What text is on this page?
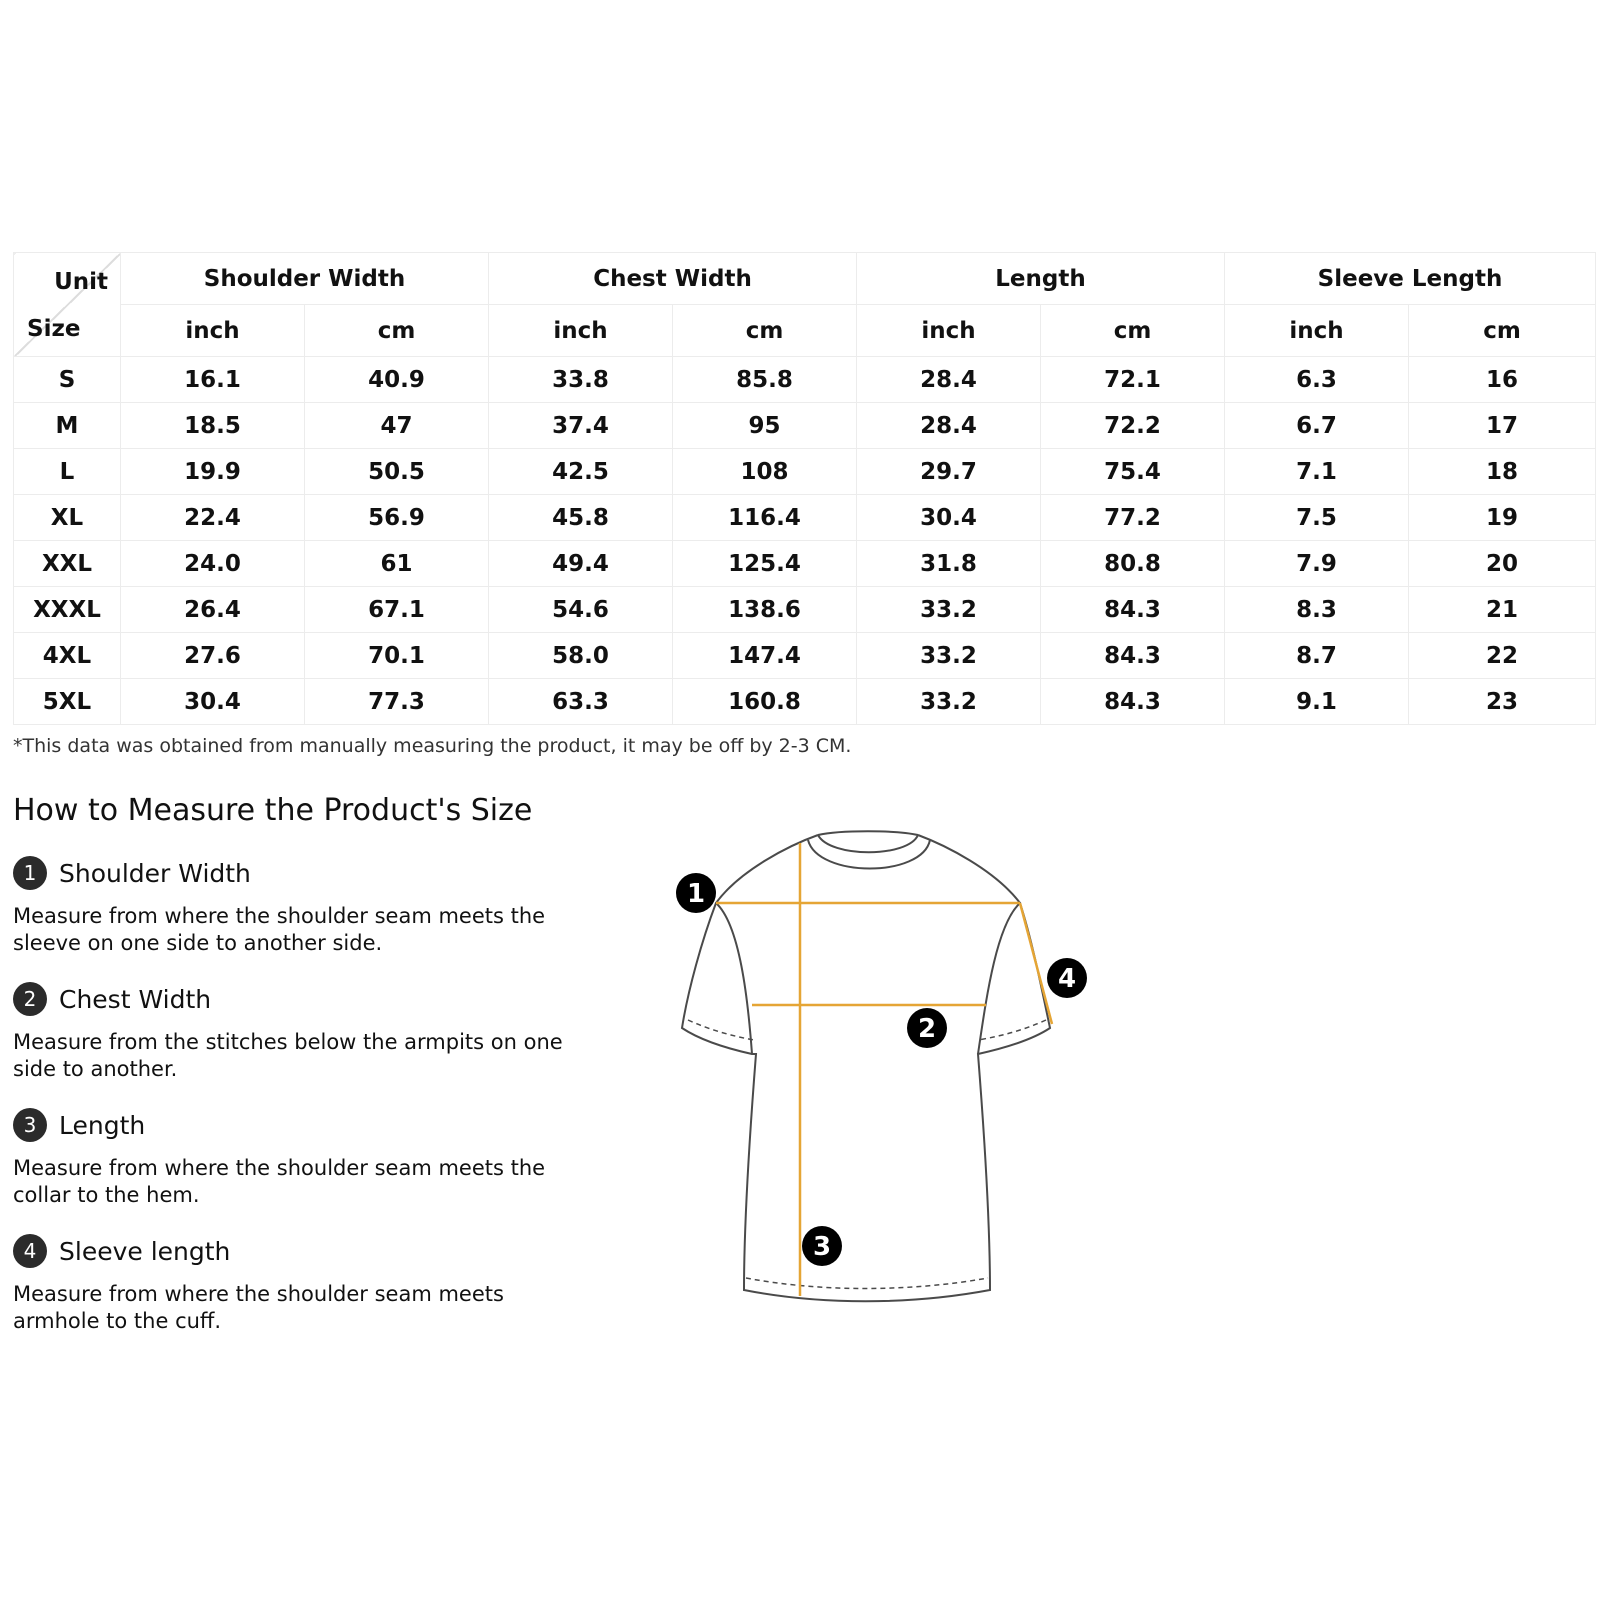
Unit
Size	Shoulder Width		Chest Width		Length		Sleeve Length	
	inch	cm	inch	cm	inch	cm	inch	cm
S	16.1	40.9	33.8	85.8	28.4	72.1	6.3	16
M	18.5	47	37.4	95	28.4	72.2	6.7	17
L	19.9	50.5	42.5	108	29.7	75.4	7.1	18
XL	22.4	56.9	45.8	116.4	30.4	77.2	7.5	19
XXL	24.0	61	49.4	125.4	31.8	80.8	7.9	20
XXXL	26.4	67.1	54.6	138.6	33.2	84.3	8.3	21
4XL	27.6	70.1	58.0	147.4	33.2	84.3	8.7	22
5XL	30.4	77.3	63.3	160.8	33.2	84.3	9.1	23
*This data was obtained from manually measuring the product, it may be off by 2-3 CM.
How to Measure the Product's Size
1 Shoulder Width
Measure from where the shoulder seam meets the sleeve on one side to another side.
2 Chest Width
Measure from the stitches below the armpits on one side to another.
3 Length
Measure from where the shoulder seam meets the collar to the hem.
4 Sleeve length
Measure from where the shoulder seam meets armhole to the cuff.
1
2
3
4
